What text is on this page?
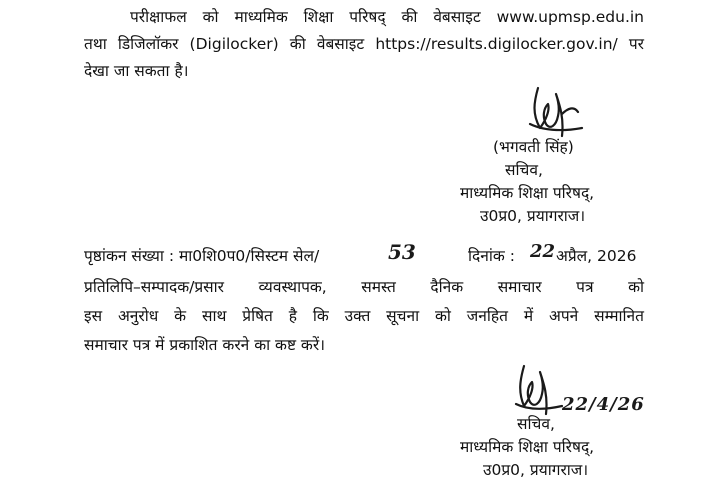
परीक्षाफल को माध्यमिक शिक्षा परिषद् की वेबसाइट www.upmsp.edu.in
तथा डिजिलॉकर (Digilocker) की वेबसाइट https://results.digilocker.gov.in/ पर
देखा जा सकता है।
(भगवती सिंह)
सचिव,
माध्यमिक शिक्षा परिषद्,
उ0प्र0, प्रयागराज।
पृष्ठांकन संख्या : मा0शि0प0/सिस्टम सेल/	53	दिनांक : 22 अप्रैल, 2026
प्रतिलिपि–सम्पादक/प्रसार व्यवस्थापक, समस्त दैनिक समाचार पत्र को
इस अनुरोध के साथ प्रेषित है कि उक्त सूचना को जनहित में अपने सम्मानित
समाचार पत्र में प्रकाशित करने का कष्ट करें।
22/4/26
सचिव,
माध्यमिक शिक्षा परिषद्,
उ0प्र0, प्रयागराज।
